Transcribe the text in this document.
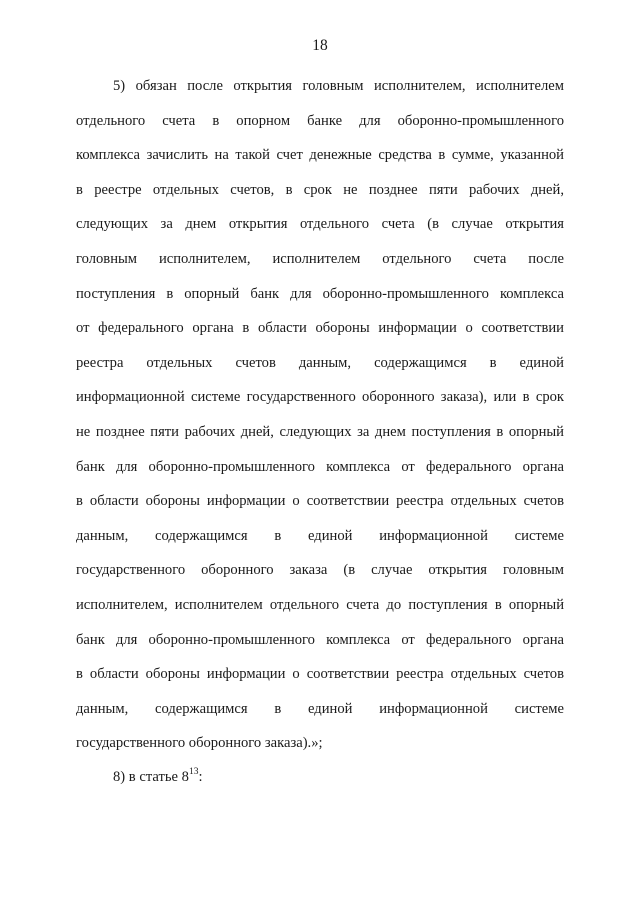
18
5) обязан после открытия головным исполнителем, исполнителем
отдельного счета в опорном банке для оборонно-промышленного
комплекса зачислить на такой счет денежные средства в сумме, указанной
в реестре отдельных счетов, в срок не позднее пяти рабочих дней,
следующих за днем открытия отдельного счета (в случае открытия
головным исполнителем, исполнителем отдельного счета после
поступления в опорный банк для оборонно-промышленного комплекса
от федерального органа в области обороны информации о соответствии
реестра отдельных счетов данным, содержащимся в единой
информационной системе государственного оборонного заказа), или в срок
не позднее пяти рабочих дней, следующих за днем поступления в опорный
банк для оборонно-промышленного комплекса от федерального органа
в области обороны информации о соответствии реестра отдельных счетов
данным, содержащимся в единой информационной системе
государственного оборонного заказа (в случае открытия головным
исполнителем, исполнителем отдельного счета до поступления в опорный
банк для оборонно-промышленного комплекса от федерального органа
в области обороны информации о соответствии реестра отдельных счетов
данным, содержащимся в единой информационной системе
государственного оборонного заказа).»;
8) в статье $8^{13}$:
